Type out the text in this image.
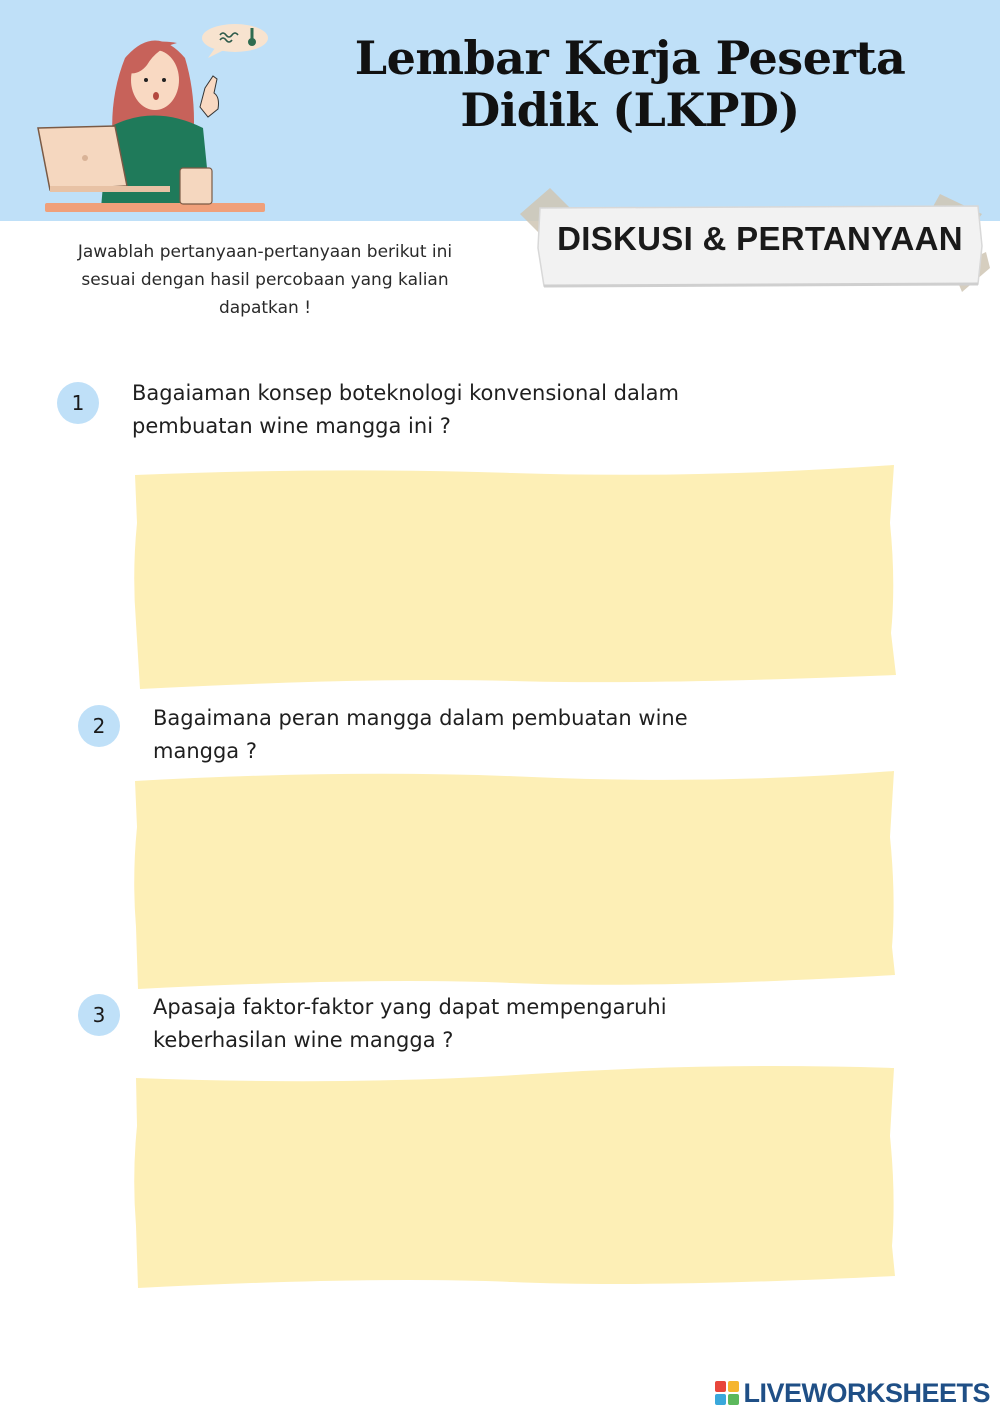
Lembar Kerja Peserta
Didik (LKPD)
DISKUSI & PERTANYAAN
Jawablah pertanyaan-pertanyaan berikut ini
sesuai dengan hasil percobaan yang kalian
dapatkan !
1	Bagaiaman konsep boteknologi konvensional dalam
pembuatan wine mangga ini ?
2	Bagaimana peran mangga dalam pembuatan wine
mangga ?
3	Apasaja faktor-faktor yang dapat mempengaruhi
keberhasilan wine mangga ?
LIVEWORKSHEETS
